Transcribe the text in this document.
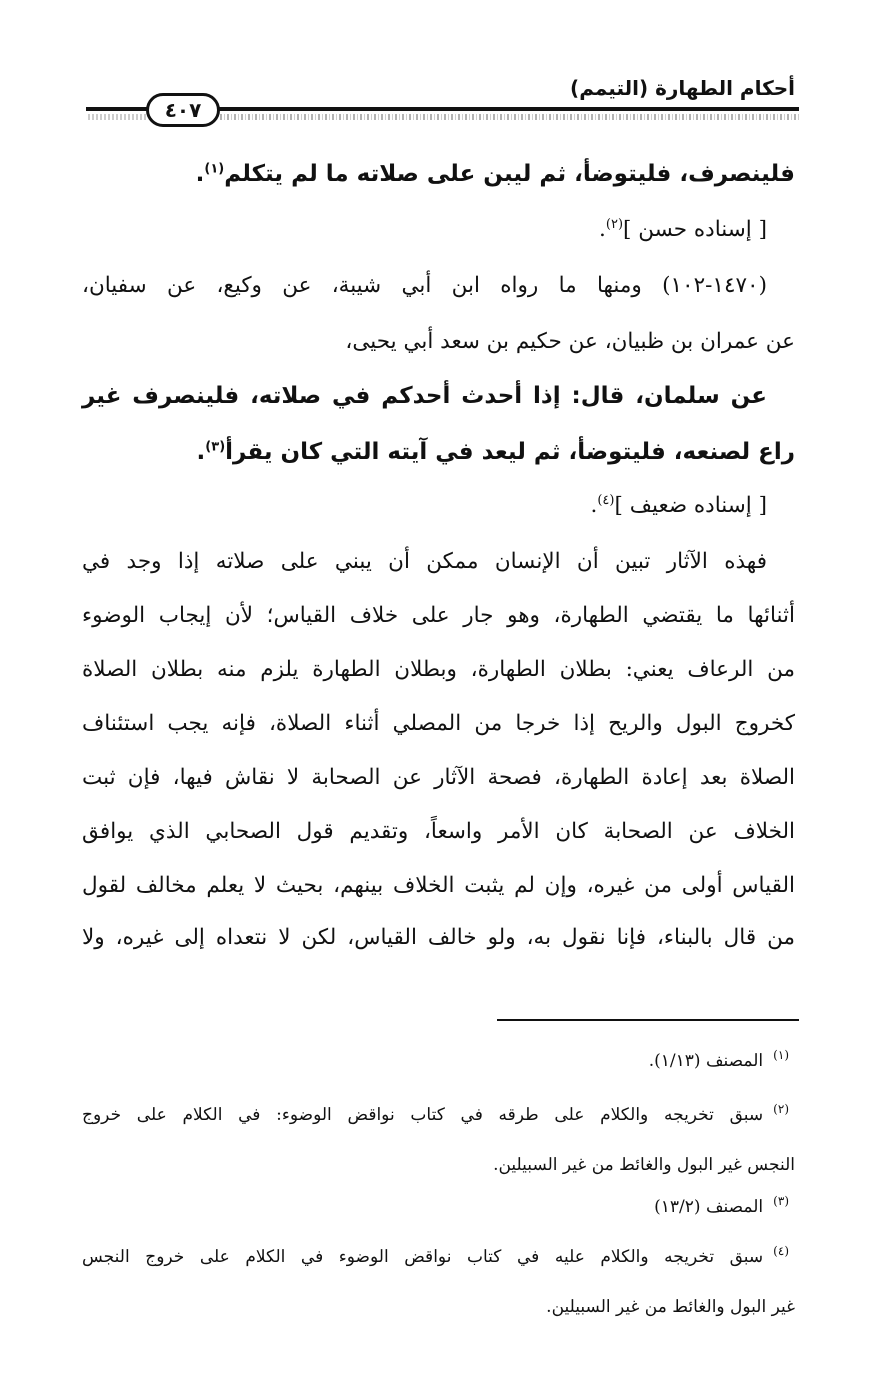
أحكام الطهارة (التيمم)
٤٠٧
فلينصرف، فليتوضأ، ثم ليبن على صلاته ما لم يتكلم$^{(١)}$.
[ إسناده حسن ]$^{(٢)}$.
(١٤٧٠-١٠٢) ومنها ما رواه ابن أبي شيبة، عن وكيع، عن سفيان،
عن عمران بن ظبيان، عن حكيم بن سعد أبي يحيى،
عن سلمان، قال: إذا أحدث أحدكم في صلاته، فلينصرف غير
راع لصنعه، فليتوضأ، ثم ليعد في آيته التي كان يقرأ$^{(٣)}$.
[ إسناده ضعيف ]$^{(٤)}$.
فهذه الآثار تبين أن الإنسان ممكن أن يبني على صلاته إذا وجد في
أثنائها ما يقتضي الطهارة، وهو جار على خلاف القياس؛ لأن إيجاب الوضوء
من الرعاف يعني: بطلان الطهارة، وبطلان الطهارة يلزم منه بطلان الصلاة
كخروج البول والريح إذا خرجا من المصلي أثناء الصلاة، فإنه يجب استئناف
الصلاة بعد إعادة الطهارة، فصحة الآثار عن الصحابة لا نقاش فيها، فإن ثبت
الخلاف عن الصحابة كان الأمر واسعاً، وتقديم قول الصحابي الذي يوافق
القياس أولى من غيره، وإن لم يثبت الخلاف بينهم، بحيث لا يعلم مخالف لقول
من قال بالبناء، فإنا نقول به، ولو خالف القياس، لكن لا نتعداه إلى غيره، ولا
$^{(١)}$المصنف (١/١٣).
$^{(٢)}$سبق تخريجه والكلام على طرقه في كتاب نواقض الوضوء: في الكلام على خروج
النجس غير البول والغائط من غير السبيلين.
$^{(٣)}$المصنف (١٣/٢)
$^{(٤)}$سبق تخريجه والكلام عليه في كتاب نواقض الوضوء في الكلام على خروج النجس
غير البول والغائط من غير السبيلين.
